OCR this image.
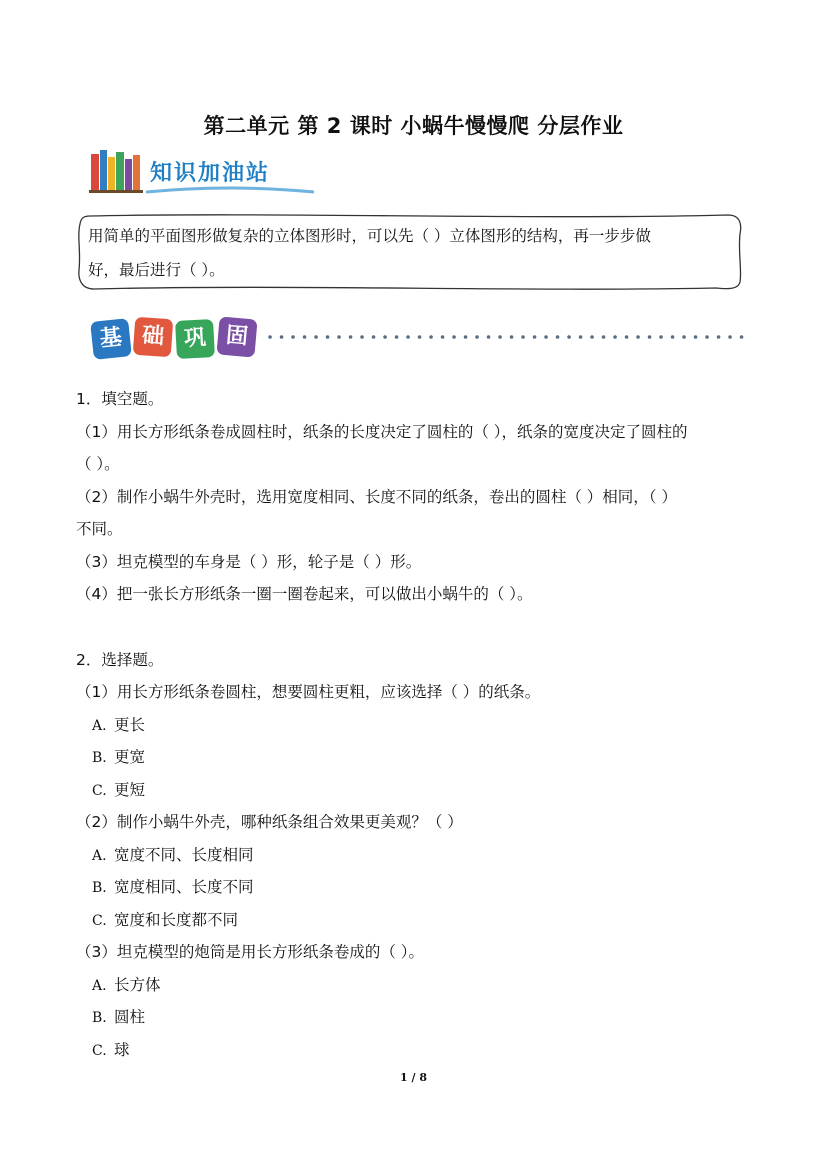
第二单元 第 2 课时 小蜗牛慢慢爬 分层作业
知识加油站
用简单的平面图形做复杂的立体图形时，可以先（ ）立体图形的结构，再一步步做
好，最后进行（ ）。
基 础 巩 固
1．填空题。
（1）用长方形纸条卷成圆柱时，纸条的长度决定了圆柱的（ ），纸条的宽度决定了圆柱的
（ ）。
（2）制作小蜗牛外壳时，选用宽度相同、长度不同的纸条，卷出的圆柱（ ）相同，（ ）
不同。
（3）坦克模型的车身是（ ）形，轮子是（ ）形。
（4）把一张长方形纸条一圈一圈卷起来，可以做出小蜗牛的（ ）。
2．选择题。
（1）用长方形纸条卷圆柱，想要圆柱更粗，应该选择（ ）的纸条。
A. 更长
B. 更宽
C. 更短
（2）制作小蜗牛外壳，哪种纸条组合效果更美观？（ ）
A. 宽度不同、长度相同
B. 宽度相同、长度不同
C. 宽度和长度都不同
（3）坦克模型的炮筒是用长方形纸条卷成的（ ）。
A. 长方体
B. 圆柱
C. 球
1 / 8
